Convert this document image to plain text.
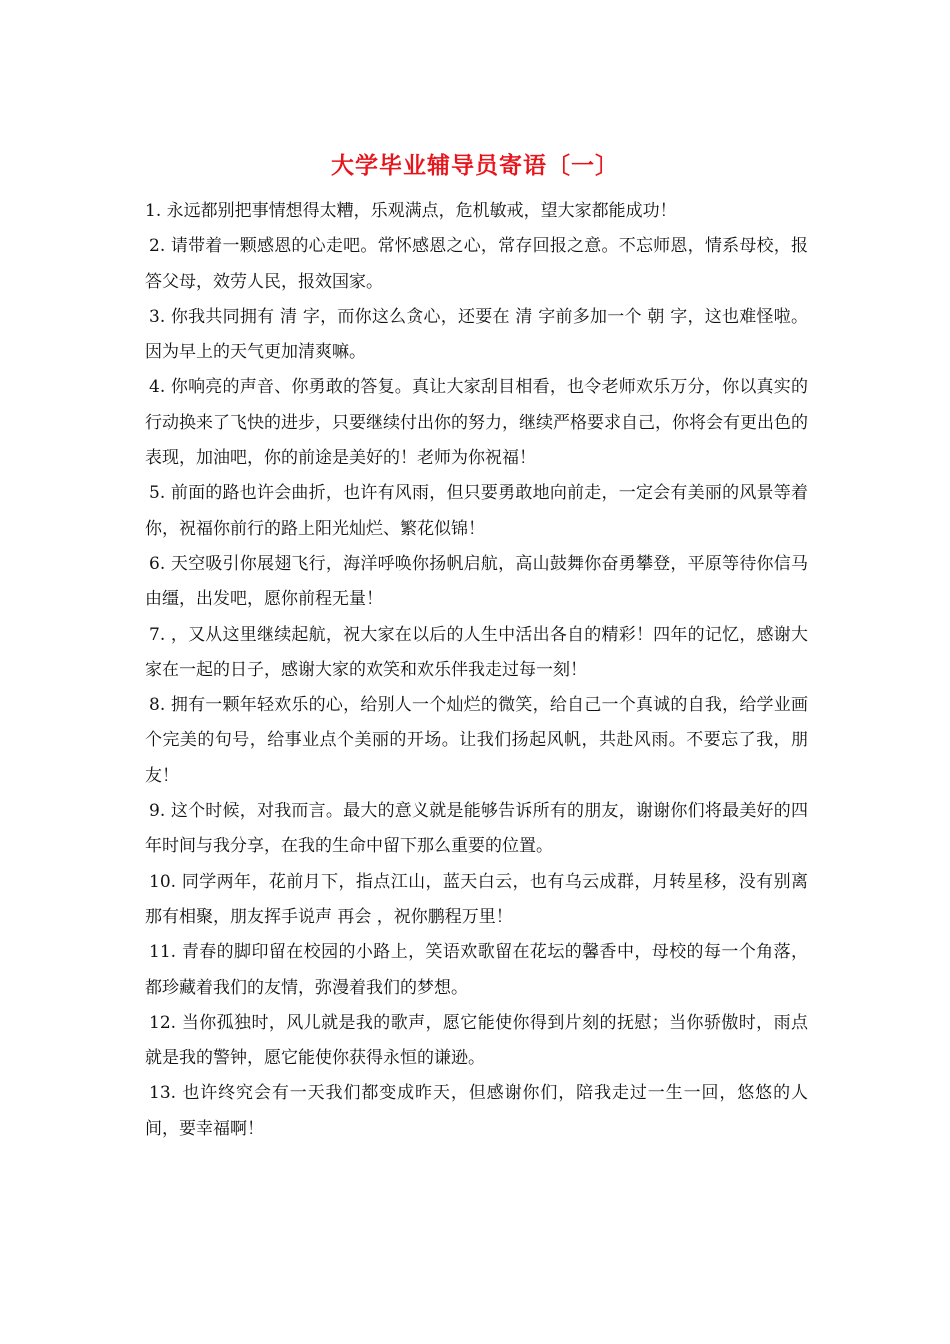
大学毕业辅导员寄语〔一〕

1. 永远都别把事情想得太糟，乐观满点，危机敏戒，望大家都能成功！

2. 请带着一颗感恩的心走吧。常怀感恩之心，常存回报之意。不忘师恩，情系母校，报答父母，效劳人民，报效国家。

3. 你我共同拥有 清 字，而你这么贪心，还要在 清 字前多加一个 朝 字，这也难怪啦。因为早上的天气更加清爽嘛。

4. 你响亮的声音、你勇敢的答复。真让大家刮目相看，也令老师欢乐万分，你以真实的行动换来了飞快的进步，只要继续付出你的努力，继续严格要求自己，你将会有更出色的表现，加油吧，你的前途是美好的！老师为你祝福！

5. 前面的路也许会曲折，也许有风雨，但只要勇敢地向前走，一定会有美丽的风景等着你，祝福你前行的路上阳光灿烂、繁花似锦！

6. 天空吸引你展翅飞行，海洋呼唤你扬帆启航，高山鼓舞你奋勇攀登，平原等待你信马由缰，出发吧，愿你前程无量！

7. ，又从这里继续起航，祝大家在以后的人生中活出各自的精彩！四年的记忆，感谢大家在一起的日子，感谢大家的欢笑和欢乐伴我走过每一刻！

8. 拥有一颗年轻欢乐的心，给别人一个灿烂的微笑，给自己一个真诚的自我，给学业画个完美的句号，给事业点个美丽的开场。让我们扬起风帆，共赴风雨。不要忘了我，朋友！

9. 这个时候，对我而言。最大的意义就是能够告诉所有的朋友，谢谢你们将最美好的四年时间与我分享，在我的生命中留下那么重要的位置。

10. 同学两年，花前月下，指点江山，蓝天白云，也有乌云成群，月转星移，没有别离那有相聚，朋友挥手说声 再会 ，祝你鹏程万里！

11. 青春的脚印留在校园的小路上，笑语欢歌留在花坛的馨香中，母校的每一个角落，都珍藏着我们的友情，弥漫着我们的梦想。

12. 当你孤独时，风儿就是我的歌声，愿它能使你得到片刻的抚慰；当你骄傲时，雨点就是我的警钟，愿它能使你获得永恒的谦逊。

13. 也许终究会有一天我们都变成昨天，但感谢你们，陪我走过一生一回，悠悠的人间，要幸福啊！
